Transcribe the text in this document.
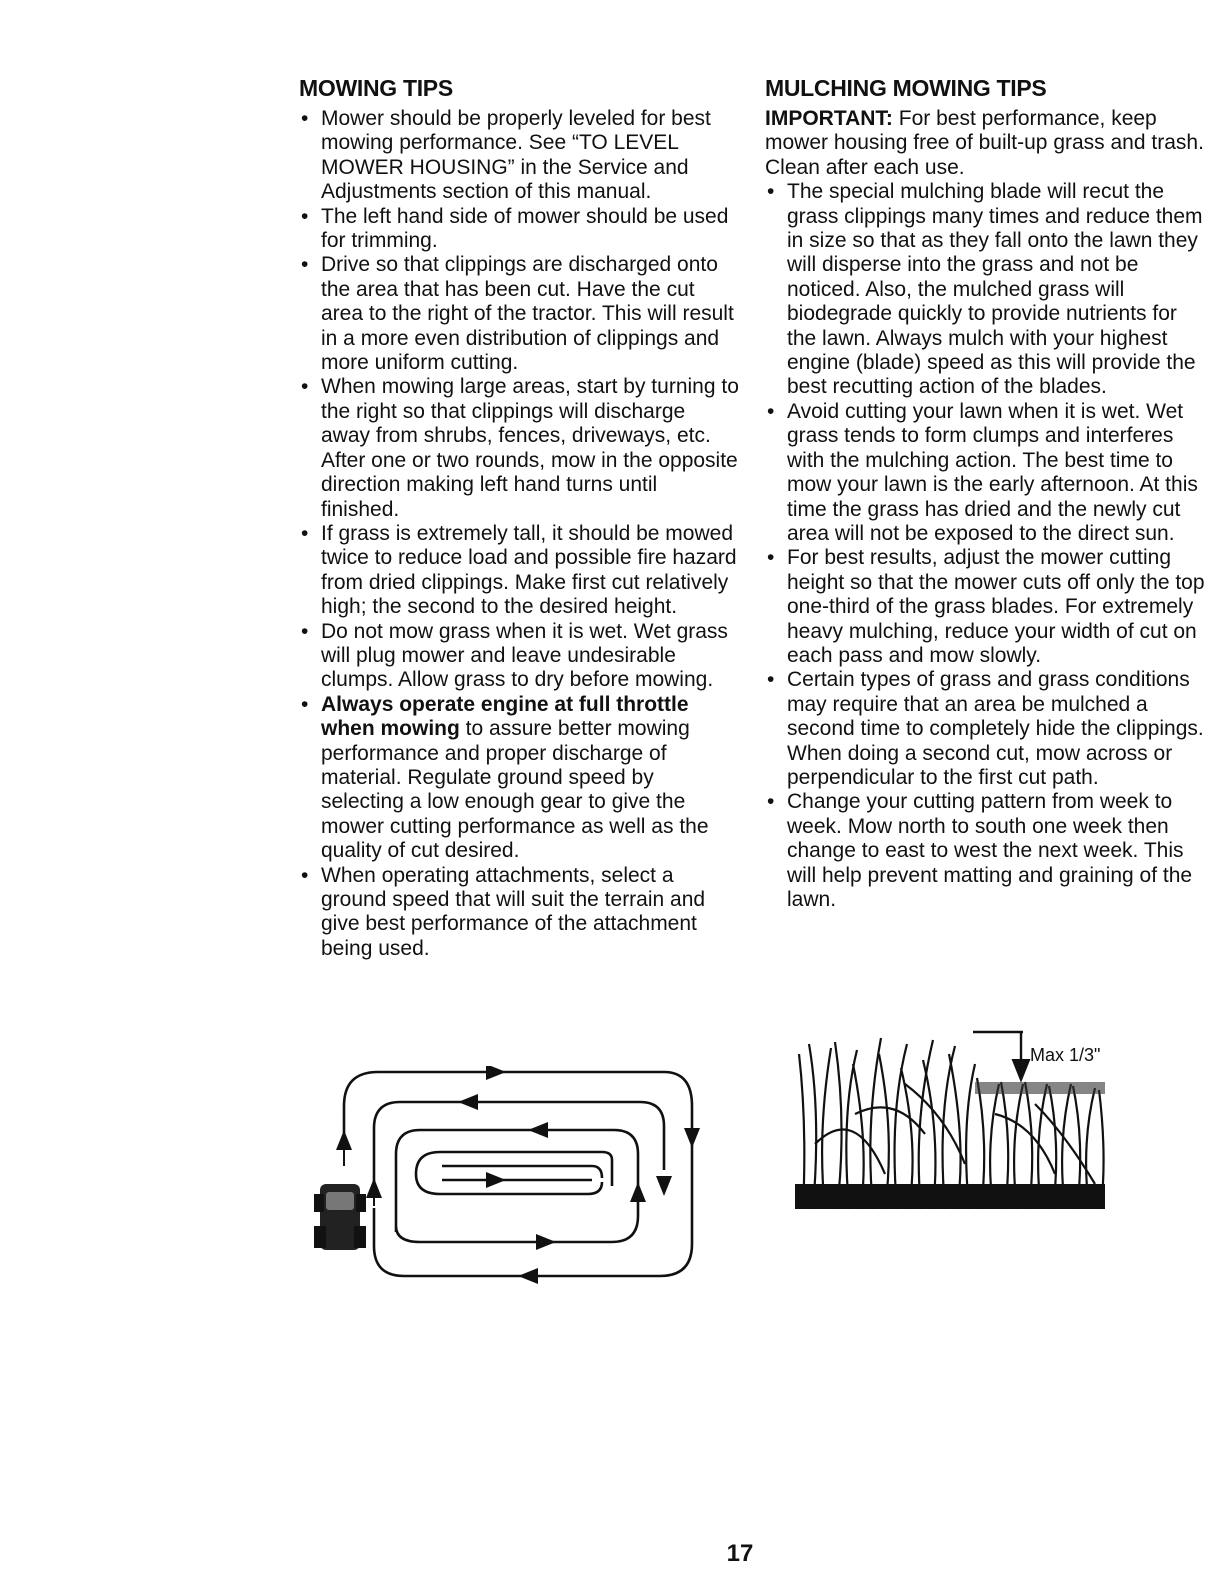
MOWING TIPS
• Mower should be properly leveled for best mowing performance. See “TO LEVEL MOWER HOUSING” in the Service and Adjustments section of this manual.
• The left hand side of mower should be used for trimming.
• Drive so that clippings are discharged onto the area that has been cut. Have the cut area to the right of the tractor. This will result in a more even distribution of clippings and more uniform cutting.
• When mowing large areas, start by turning to the right so that clippings will discharge away from shrubs, fences, driveways, etc. After one or two rounds, mow in the opposite direction making left hand turns until finished.
• If grass is extremely tall, it should be mowed twice to reduce load and possible fire hazard from dried clippings. Make first cut relatively high; the second to the desired height.
• Do not mow grass when it is wet. Wet grass will plug mower and leave undesirable clumps. Allow grass to dry before mowing.
• Always operate engine at full throttle when mowing to assure better mowing performance and proper discharge of material. Regulate ground speed by selecting a low enough gear to give the mower cutting performance as well as the quality of cut desired.
• When operating attachments, select a ground speed that will suit the terrain and give best performance of the attachment being used.
MULCHING MOWING TIPS

IMPORTANT: For best performance, keep mower housing free of built-up grass and trash. Clean after each use.

• The special mulching blade will recut the grass clippings many times and reduce them in size so that as they fall onto the lawn they will disperse into the grass and not be noticed. Also, the mulched grass will biodegrade quickly to provide nutrients for the lawn. Always mulch with your highest engine (blade) speed as this will provide the best recutting action of the blades.
• Avoid cutting your lawn when it is wet. Wet grass tends to form clumps and interferes with the mulching action. The best time to mow your lawn is the early afternoon. At this time the grass has dried and the newly cut area will not be exposed to the direct sun.
• For best results, adjust the mower cutting height so that the mower cuts off only the top one-third of the grass blades. For extremely heavy mulching, reduce your width of cut on each pass and mow slowly.
• Certain types of grass and grass conditions may require that an area be mulched a second time to completely hide the clippings. When doing a second cut, mow across or perpendicular to the first cut path.
• Change your cutting pattern from week to week. Mow north to south one week then change to east to west the next week. This will help prevent matting and graining of the lawn.
Max 1/3"
17
